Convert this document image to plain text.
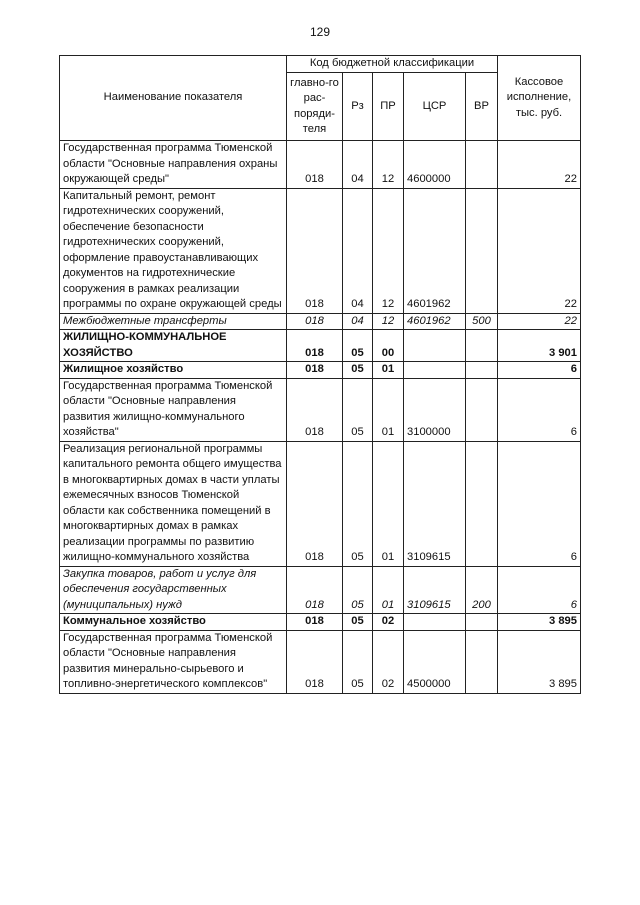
129
Наименование показателя	Код бюджетной классификации					Кассовое исполнение, тыс. руб.
	главно-го рас-поряди-теля	Рз	ПР	ЦСР	ВР	
Государственная программа Тюменской области "Основные направления охраны окружающей среды"	018	04	12	4600000		22
Капитальный ремонт, ремонт гидротехнических сооружений, обеспечение безопасности гидротехнических сооружений, оформление правоустанавливающих документов на гидротехнические сооружения в рамках реализации программы по охране окружающей среды	018	04	12	4601962		22
Межбюджетные трансферты	018	04	12	4601962	500	22
ЖИЛИЩНО-КОММУНАЛЬНОЕ ХОЗЯЙСТВО	018	05	00			3 901
Жилищное хозяйство	018	05	01			6
Государственная программа Тюменской области "Основные направления развития жилищно-коммунального хозяйства"	018	05	01	3100000		6
Реализация региональной программы капитального ремонта общего имущества в многоквартирных домах в части уплаты ежемесячных взносов Тюменской области как собственника помещений в многоквартирных домах в рамках реализации программы по развитию жилищно-коммунального хозяйства	018	05	01	3109615		6
Закупка товаров, работ и услуг для обеспечения государственных (муниципальных) нужд	018	05	01	3109615	200	6
Коммунальное хозяйство	018	05	02			3 895
Государственная программа Тюменской области "Основные направления развития минерально-сырьевого и топливно-энергетического комплексов"	018	05	02	4500000		3 895
